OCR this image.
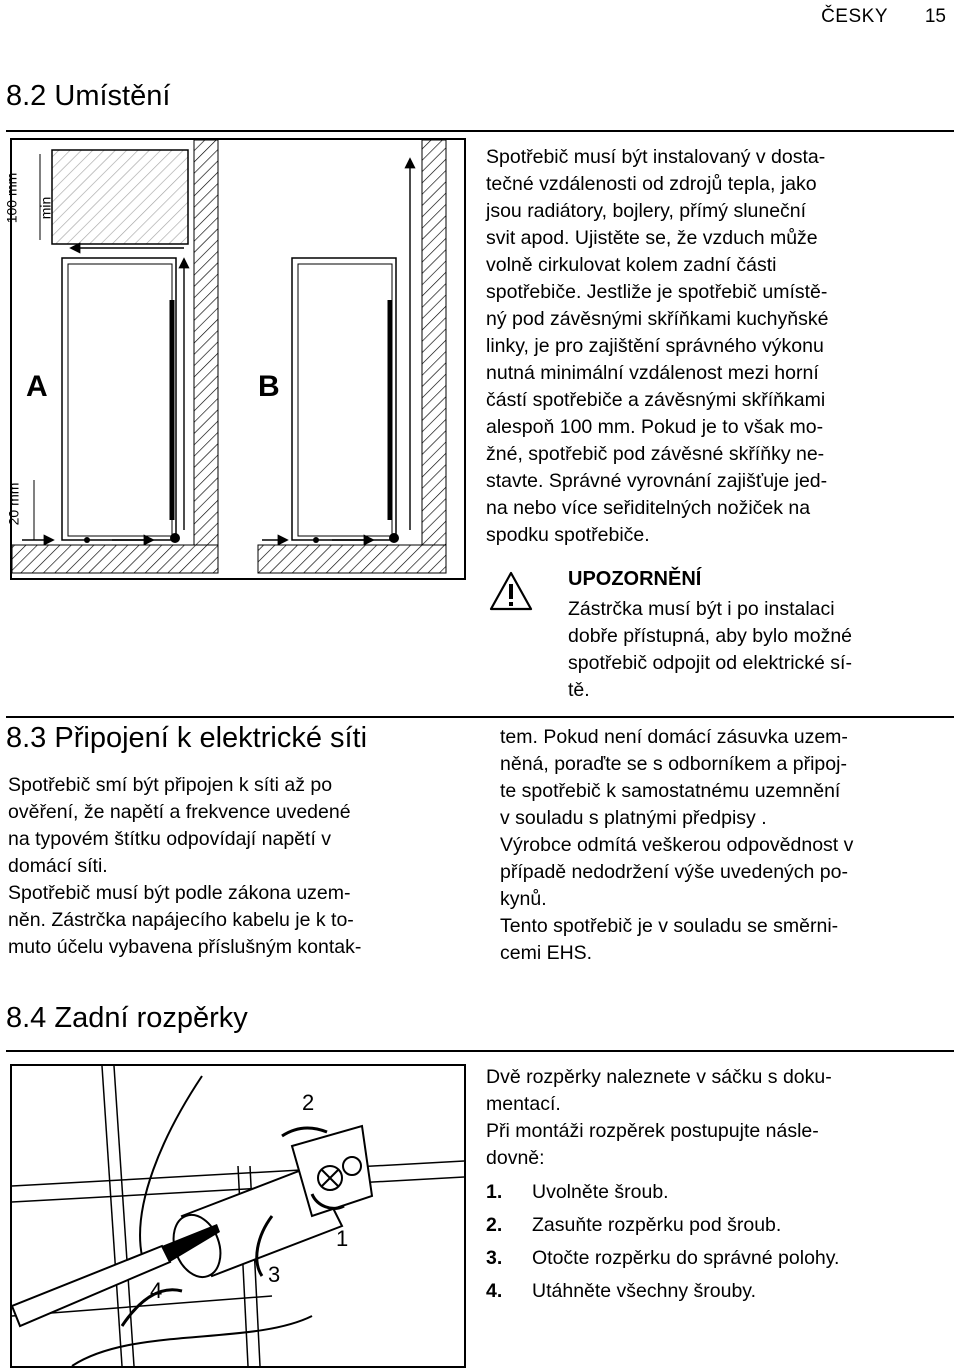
ČESKY 15
8.2 Umístění
A	B
100 mm min
20 mm

Spotřebič musí být instalovaný v dosta-
tečné vzdálenosti od zdrojů tepla, jako
jsou radiátory, bojlery, přímý sluneční
svit apod. Ujistěte se, že vzduch může
volně cirkulovat kolem zadní části
spotřebiče. Jestliže je spotřebič umístě-
ný pod závěsnými skříňkami kuchyňské
linky, je pro zajištění správného výkonu
nutná minimální vzdálenost mezi horní
částí spotřebiče a závěsnými skříňkami
alespoň 100 mm. Pokud je to však mo-
žné, spotřebič pod závěsné skříňky ne-
stavte. Správné vyrovnání zajišťuje jed-
na nebo více seřiditelných nožiček na
spodku spotřebiče.

UPOZORNĚNÍ

Zástrčka musí být i po instalaci
dobře přístupná, aby bylo možné
spotřebič odpojit od elektrické sí-
tě.

8.3 Připojení k elektrické síti

Spotřebič smí být připojen k síti až po
ověření, že napětí a frekvence uvedené
na typovém štítku odpovídají napětí v
domácí síti.
Spotřebič musí být podle zákona uzem-
něn. Zástrčka napájecího kabelu je k to-
muto účelu vybavena příslušným kontak-

tem. Pokud není domácí zásuvka uzem-
něná, poraďte se s odborníkem a připoj-
te spotřebič k samostatnému uzemnění
v souladu s platnými předpisy .

Výrobce odmítá veškerou odpovědnost v
případě nedodržení výše uvedených po-
kynů.

Tento spotřebič je v souladu se směrni-
cemi EHS.

8.4 Zadní rozpěrky
2
1
3
4

Dvě rozpěrky naleznete v sáčku s doku-
mentací.

Při montáži rozpěrek postupujte násle-
dovně:

1.	Uvolněte šroub.
2.	Zasuňte rozpěrku pod šroub.
3.	Otočte rozpěrku do správné polohy.
4.	Utáhněte všechny šrouby.
